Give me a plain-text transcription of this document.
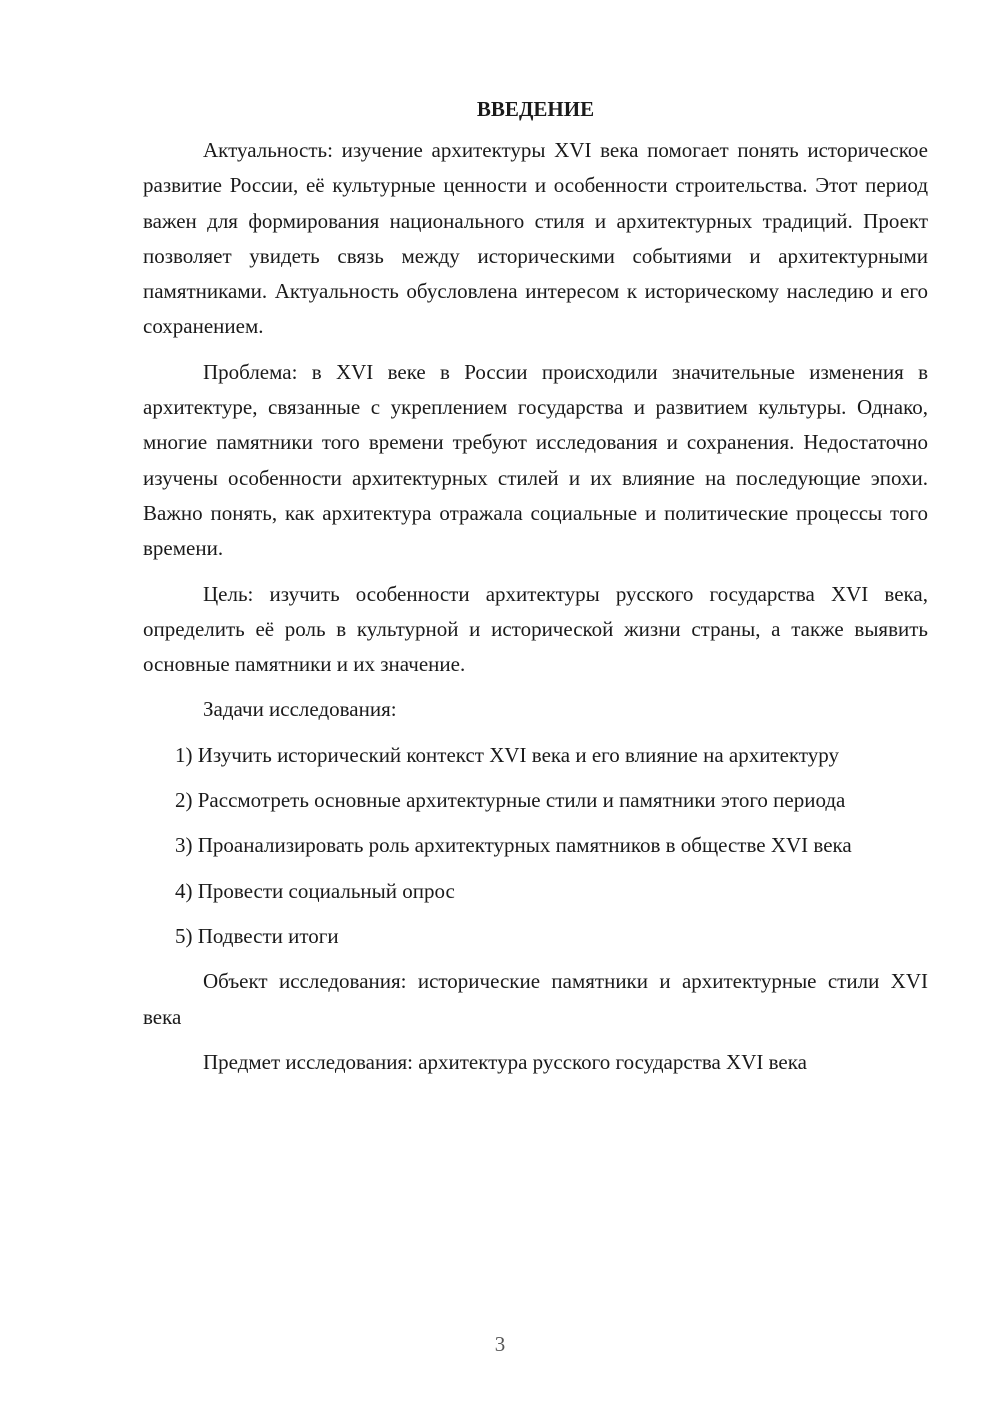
ВВЕДЕНИЕ

Актуальность: изучение архитектуры XVI века помогает понять историческое развитие России, её культурные ценности и особенности строительства. Этот период важен для формирования национального стиля и архитектурных традиций. Проект позволяет увидеть связь между историческими событиями и архитектурными памятниками. Актуальность обусловлена интересом к историческому наследию и его сохранением.

Проблема: в XVI веке в России происходили значительные изменения в архитектуре, связанные с укреплением государства и развитием культуры. Однако, многие памятники того времени требуют исследования и сохранения. Недостаточно изучены особенности архитектурных стилей и их влияние на последующие эпохи. Важно понять, как архитектура отражала социальные и политические процессы того времени.

Цель: изучить особенности архитектуры русского государства XVI века, определить её роль в культурной и исторической жизни страны, а также выявить основные памятники и их значение.

Задачи исследования:

1) Изучить исторический контекст XVI века и его влияние на архитектуру

2) Рассмотреть основные архитектурные стили и памятники этого периода

3) Проанализировать роль архитектурных памятников в обществе XVI века

4) Провести социальный опрос

5) Подвести итоги

Объект исследования: исторические памятники и архитектурные стили XVI века

Предмет исследования: архитектура русского государства XVI века

3
